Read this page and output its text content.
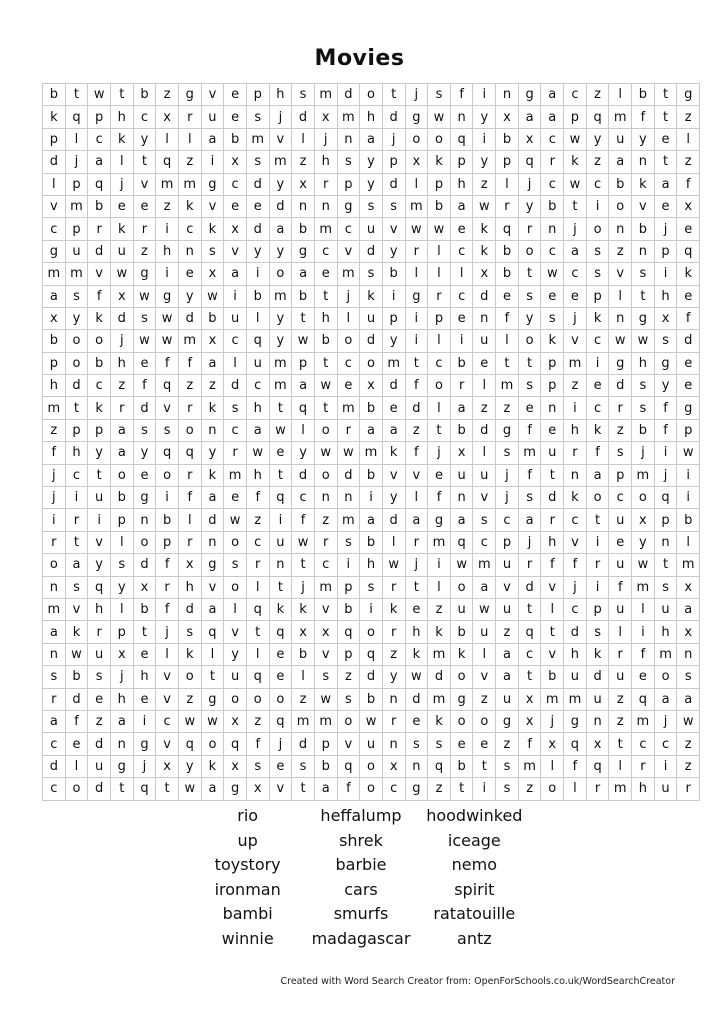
Movies
b	t	w	t	b	z	g	v	e	p	h	s	m	d	o	t	j	s	f	i	n	g	a	c	z	l	b	t	g
k	q	p	h	c	x	r	u	e	s	j	d	x	m	h	d	g	w	n	y	x	a	a	p	q	m	f	t	z
p	l	c	k	y	l	l	a	b	m	v	l	j	n	a	j	o	o	q	i	b	x	c	w	y	u	y	e	l
d	j	a	l	t	q	z	i	x	s	m	z	h	s	y	p	x	k	p	y	p	q	r	k	z	a	n	t	z
l	p	q	j	v	m	m	g	c	d	y	x	r	p	y	d	l	p	h	z	l	j	c	w	c	b	k	a	f
v	m	b	e	e	z	k	v	e	e	d	n	n	g	s	s	m	b	a	w	r	y	b	t	i	o	v	e	x
c	p	r	k	r	i	c	k	x	d	a	b	m	c	u	v	w	w	e	k	q	r	n	j	o	n	b	j	e
g	u	d	u	z	h	n	s	v	y	y	g	c	v	d	y	r	l	c	k	b	o	c	a	s	z	n	p	q
m	m	v	w	g	i	e	x	a	i	o	a	e	m	s	b	l	l	l	x	b	t	w	c	s	v	s	i	k
a	s	f	x	w	g	y	w	i	b	m	b	t	j	k	i	g	r	c	d	e	s	e	e	p	l	t	h	e
x	y	k	d	s	w	d	b	u	l	y	t	h	l	u	p	i	p	e	n	f	y	s	j	k	n	g	x	f
b	o	o	j	w	w	m	x	c	q	y	w	b	o	d	y	i	l	i	u	l	o	k	v	c	w	w	s	d
p	o	b	h	e	f	f	a	l	u	m	p	t	c	o	m	t	c	b	e	t	t	p	m	i	g	h	g	e
h	d	c	z	f	q	z	z	d	c	m	a	w	e	x	d	f	o	r	l	m	s	p	z	e	d	s	y	e
m	t	k	r	d	v	r	k	s	h	t	q	t	m	b	e	d	l	a	z	z	e	n	i	c	r	s	f	g
z	p	p	a	s	s	o	n	c	a	w	l	o	r	a	a	z	t	b	d	g	f	e	h	k	z	b	f	p
f	h	y	a	y	q	q	y	r	w	e	y	w	w	m	k	f	j	x	l	s	m	u	r	f	s	j	i	w
j	c	t	o	e	o	r	k	m	h	t	d	o	d	b	v	v	e	u	u	j	f	t	n	a	p	m	j	i
j	i	u	b	g	i	f	a	e	f	q	c	n	n	i	y	l	f	n	v	j	s	d	k	o	c	o	q	i
i	r	i	p	n	b	l	d	w	z	i	f	z	m	a	d	a	g	a	s	c	a	r	c	t	u	x	p	b
r	t	v	l	o	p	r	n	o	c	u	w	r	s	b	l	r	m	q	c	p	j	h	v	i	e	y	n	l
o	a	y	s	d	f	x	g	s	r	n	t	c	i	h	w	j	i	w	m	u	r	f	f	r	u	w	t	m
n	s	q	y	x	r	h	v	o	l	t	j	m	p	s	r	t	l	o	a	v	d	v	j	i	f	m	s	x
m	v	h	l	b	f	d	a	l	q	k	k	v	b	i	k	e	z	u	w	u	t	l	c	p	u	l	u	a
a	k	r	p	t	j	s	q	v	t	q	x	x	q	o	r	h	k	b	u	z	q	t	d	s	l	i	h	x
n	w	u	x	e	l	k	l	y	l	e	b	v	p	q	z	k	m	k	l	a	c	v	h	k	r	f	m	n
s	b	s	j	h	v	o	t	u	q	e	l	s	z	d	y	w	d	o	v	a	t	b	u	d	u	e	o	s
r	d	e	h	e	v	z	g	o	o	o	z	w	s	b	n	d	m	g	z	u	x	m	m	u	z	q	a	a
a	f	z	a	i	c	w	w	x	z	q	m	m	o	w	r	e	k	o	o	g	x	j	g	n	z	m	j	w
c	e	d	n	g	v	q	o	q	f	j	d	p	v	u	n	s	s	e	e	z	f	x	q	x	t	c	c	z
d	l	u	g	j	x	y	k	x	s	e	s	b	q	o	x	n	q	b	t	s	m	l	f	q	l	r	i	z
c	o	d	t	q	t	w	a	g	x	v	t	a	f	o	c	g	z	t	i	s	z	o	l	r	m	h	u	r
rio	heffalump	hoodwinked
up	shrek	iceage
toystory	barbie	nemo
ironman	cars	spirit
bambi	smurfs	ratatouille
winnie	madagascar	antz
Created with Word Search Creator from: OpenForSchools.co.uk/WordSearchCreator
